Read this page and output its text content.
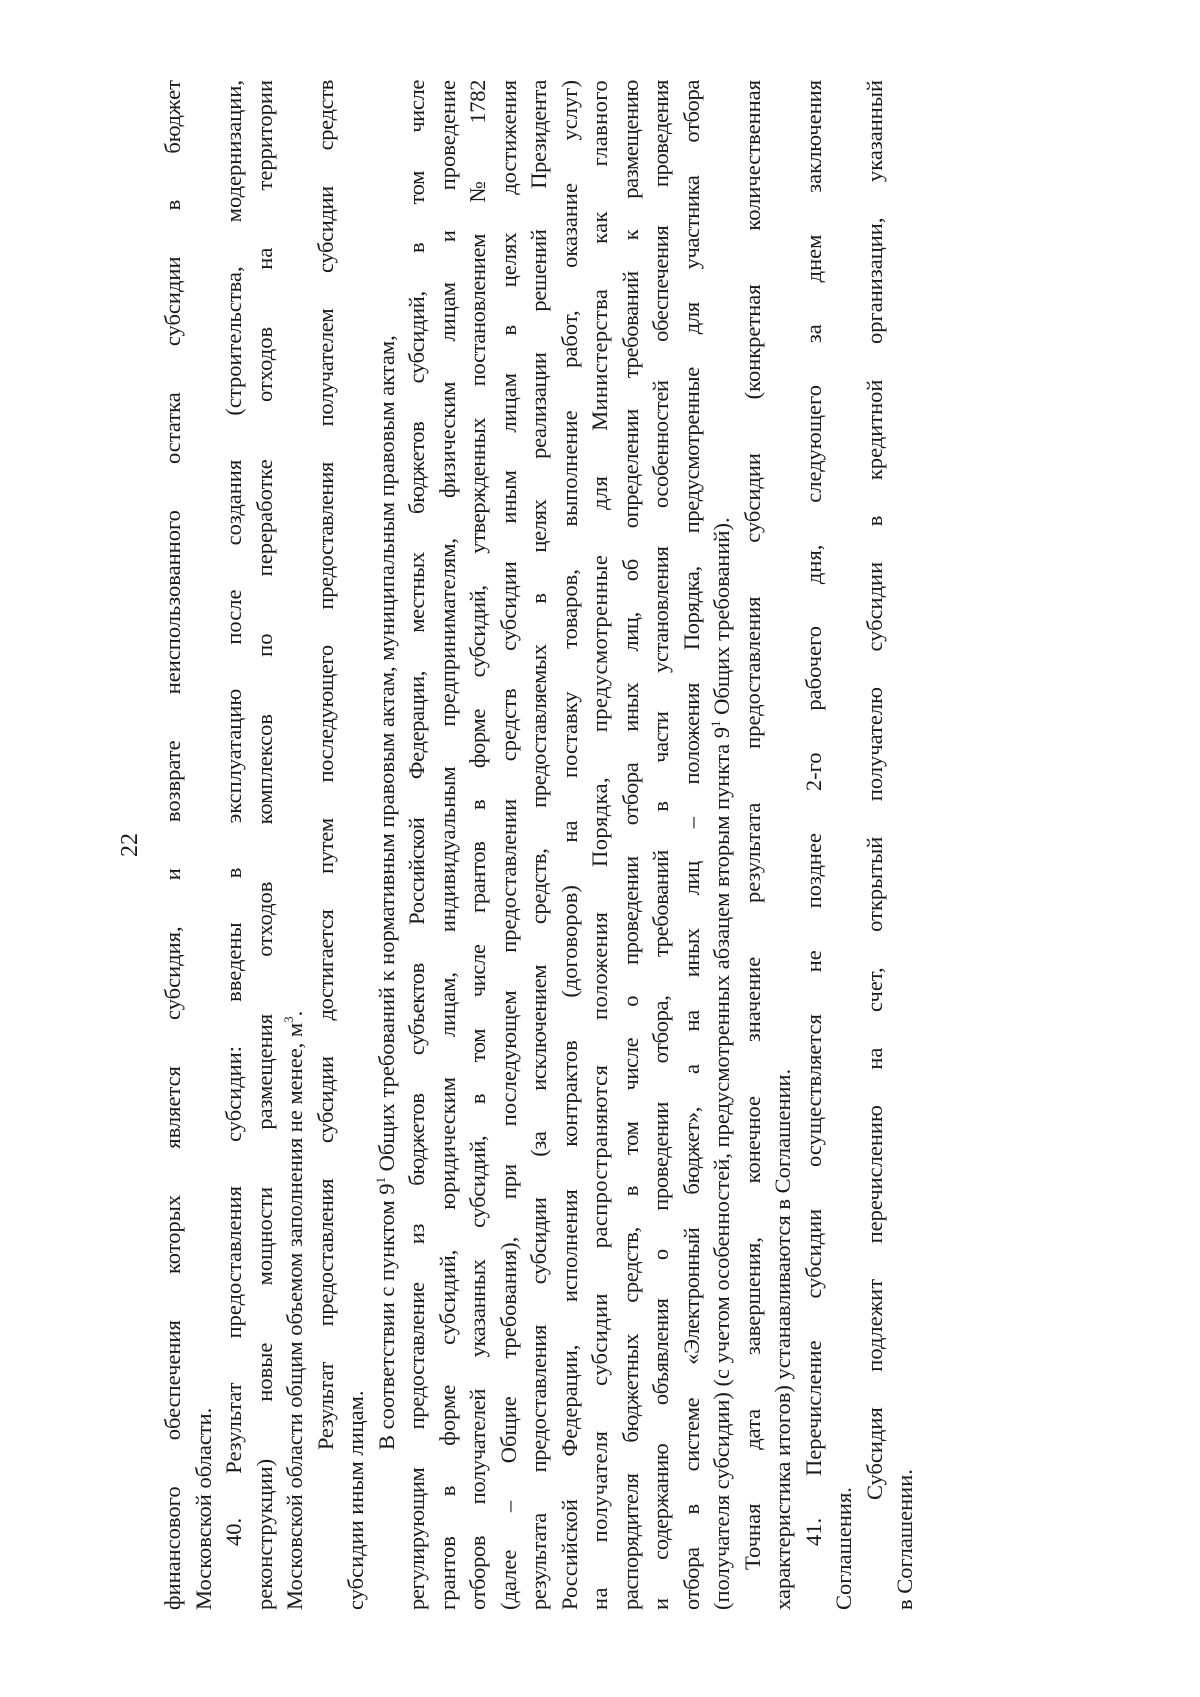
22 финансового обеспечения которых является субсидия, и возврате неиспользованного остатка субсидии в бюджет Московской области. 40. Результат предоставления субсидии: введены в эксплуатацию после создания (строительства, модернизации, реконструкции) новые мощности размещения отходов комплексов по переработке отходов на территории Московской области общим объемом заполнения не менее, $м^3$. Результат предоставления субсидии достигается путем последующего предоставления получателем субсидии средств
субсидии иным лицам.
В соответствии с пунктом $9^1$ Общих требований к нормативным правовым актам, муниципальным правовым актам, регулирующим предоставление из бюджетов субъектов Российской Федерации, местных бюджетов субсидий, в том числе грантов в форме субсидий, юридическим лицам, индивидуальным предпринимателям, физическим лицам и проведение отборов получателей указанных субсидий, в том числе грантов в форме субсидий, утвержденных постановлением № 1782 (далее – Общие требования), при последующем предоставлении средств субсидии иным лицам в целях достижения результата предоставления субсидии (за исключением средств, предоставляемых в целях реализации решений Президента Российской Федерации, исполнения контрактов (договоров) на поставку товаров, выполнение работ, оказание услуг) на получателя субсидии распространяются положения Порядка, предусмотренные для Министерства как главного распорядителя бюджетных средств, в том числе о проведении отбора иных лиц, об определении требований к размещению и содержанию объявления о проведении отбора, требований в части установления особенностей обеспечения проведения отбора в системе «Электронный бюджет», а на иных лиц – положения Порядка, предусмотренные для участника отбора (получателя субсидии) (с учетом особенностей, предусмотренных абзацем вторым пункта $9^1$ Общих требований). Точная дата завершения, конечное значение результата предоставления субсидии (конкретная количественная характеристика итогов) устанавливаются в Соглашении. 41. Перечисление субсидии осуществляется не позднее 2-го рабочего дня, следующего за днем заключения
Соглашения.
Субсидия подлежит перечислению на счет, открытый получателю субсидии в кредитной организации, указанный
в Соглашении.
